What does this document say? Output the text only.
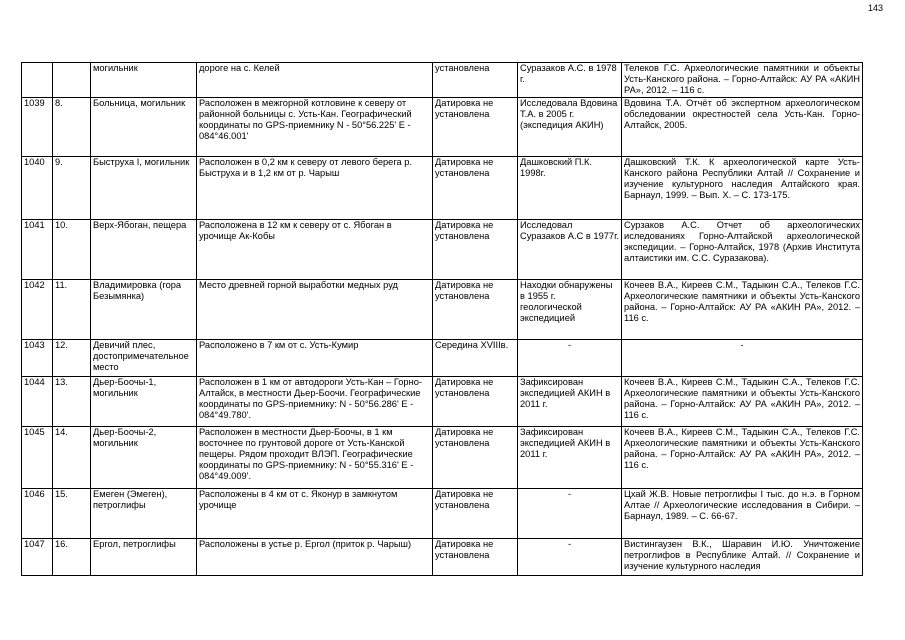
143
		могильник	дороге на с. Келей	установлена	Суразаков А.С. в 1978 г.	Телеков Г.С. Археологические памятники и объекты Усть-Канского района. – Горно-Алтайск: АУ РА «АКИН РА», 2012. – 116 с.
1039	8.	Больница, могильник	Расположен в межгорной котловине к северу от районной больницы с. Усть-Кан. Географический координаты по GPS-приемнику N - 50°56.225' E - 084°46.001'	Датировка не установлена	Исследовала Вдовина Т.А. в 2005 г. (экспедиция АКИН)	Вдовина Т.А. Отчёт об экспертном археологическом обследовании окрестностей села Усть-Кан. Горно-Алтайск, 2005.
1040	9.	Быструха I, могильник	Расположен в 0,2 км к северу от левого берега р. Быструха и в 1,2 км от р. Чарыш	Датировка не установлена	Дашковский П.К. 1998г.	Дашковский Т.К. К археологической карте Усть-Канского района Республики Алтай // Сохранение и изучение культурного наследия Алтайского края. Барнаул, 1999. – Вып. X. – С. 173-175.
1041	10.	Верх-Ябоган, пещера	Расположена в 12 км к северу от с. Ябоган в урочище Ак-Кобы	Датировка не установлена	Исследовал Суразаков А.С в 1977г.	Сурзаков А.С. Отчет об археологических иследованиях Горно-Алтайской археологической экспедиции. – Горно-Алтайск, 1978 (Архив Института алтаистики им. С.С. Суразакова).
1042	11.	Владимировка (гора Безымянка)	Место древней горной выработки медных руд	Датировка не установлена	Находки обнаружены в 1955 г. геологической экспедицией	Кочеев В.А., Киреев С.М., Тадыкин С.А., Телеков Г.С. Археологические памятники и объекты Усть-Канского района. – Горно-Алтайск: АУ РА «АКИН РА», 2012. – 116 с.
1043	12.	Девичий плес, достопримечательное место	Расположено в 7 км от с. Усть-Кумир	Середина XVIIIв.	-	-
1044	13.	Дьер-Боочы-1, могильник	Расположен в 1 км от автодороги Усть-Кан – Горно-Алтайск, в местности Дьер-Боочи. Географические координаты по GPS-приемнику: N - 50°56.286' E - 084°49.780'.	Датировка не установлена	Зафиксирован экспедицией АКИН в 2011 г.	Кочеев В.А., Киреев С.М., Тадыкин С.А., Телеков Г.С. Археологические памятники и объекты Усть-Канского района. – Горно-Алтайск: АУ РА «АКИН РА», 2012. – 116 с.
1045	14.	Дьер-Боочы-2, могильник	Расположен в местности Дьер-Боочы, в 1 км восточнее по грунтовой дороге от Усть-Канской пещеры. Рядом проходит ВЛЭП. Географические координаты по GPS-приемнику: N - 50°55.316' E - 084°49.009'.	Датировка не установлена	Зафиксирован экспедицией АКИН в 2011 г.	Кочеев В.А., Киреев С.М., Тадыкин С.А., Телеков Г.С. Археологические памятники и объекты Усть-Канского района. – Горно-Алтайск: АУ РА «АКИН РА», 2012. – 116 с.
1046	15.	Емеген (Эмеген), петроглифы	Расположены в 4 км от с. Яконур в замкнутом урочище	Датировка не установлена	-	Цхай Ж.В. Новые петроглифы I тыс. до н.э. в Горном Алтае // Археологические исследования в Сибири. – Барнаул, 1989. – С. 66-67.
1047	16.	Ергол, петроглифы	Расположены в устье р. Ергол (приток р. Чарыш)	Датировка не установлена	-	Вистингаузен В.К., Шаравин И.Ю. Уничтожение петроглифов в Республике Алтай. // Сохранение и изучение культурного наследия
